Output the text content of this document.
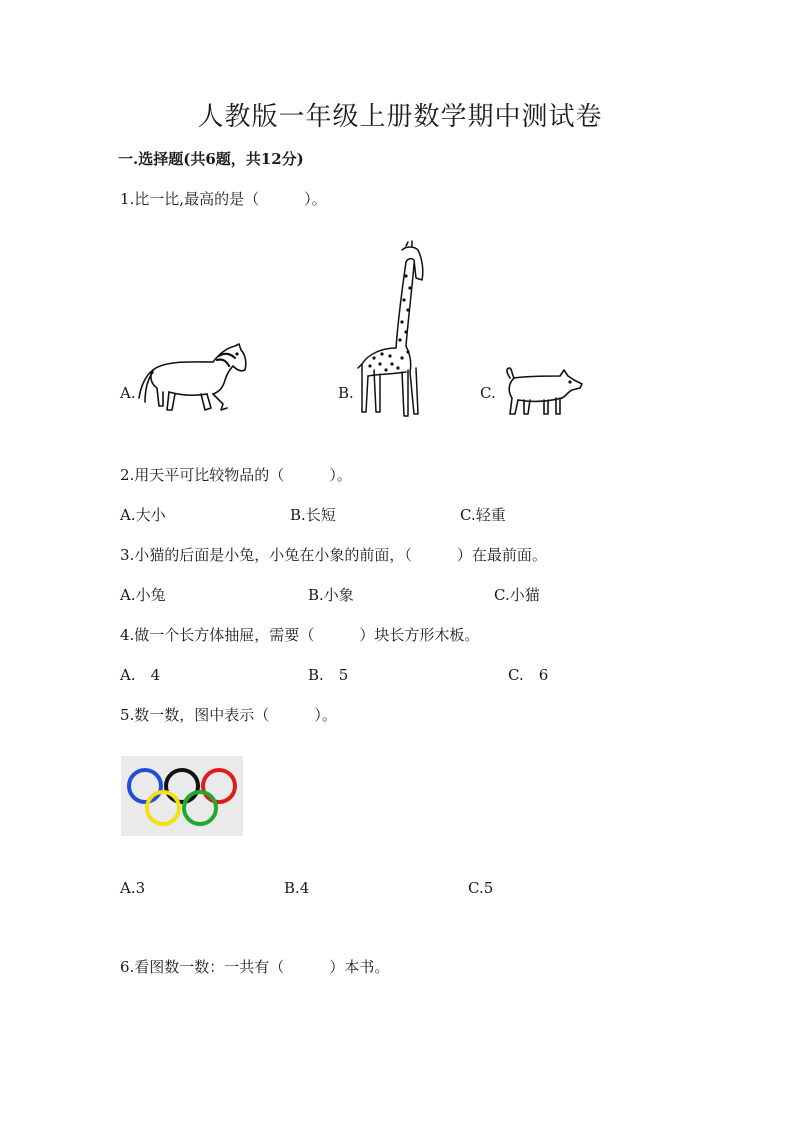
人教版一年级上册数学期中测试卷
一.选择题(共6题，共12分)
1.比一比,最高的是（　　　）。
A.	B.	C.
2.用天平可比较物品的（　　　）。
A.大小	B.长短	C.轻重
3.小猫的后面是小兔，小兔在小象的前面，（　　　）在最前面。
A.小兔	B.小象	C.小猫
4.做一个长方体抽屉，需要（　　　）块长方形木板。
A.　4	B.　5	C.　6
5.数一数，图中表示（　　　）。
A.3	B.4	C.5
6.看图数一数：一共有（　　　）本书。
